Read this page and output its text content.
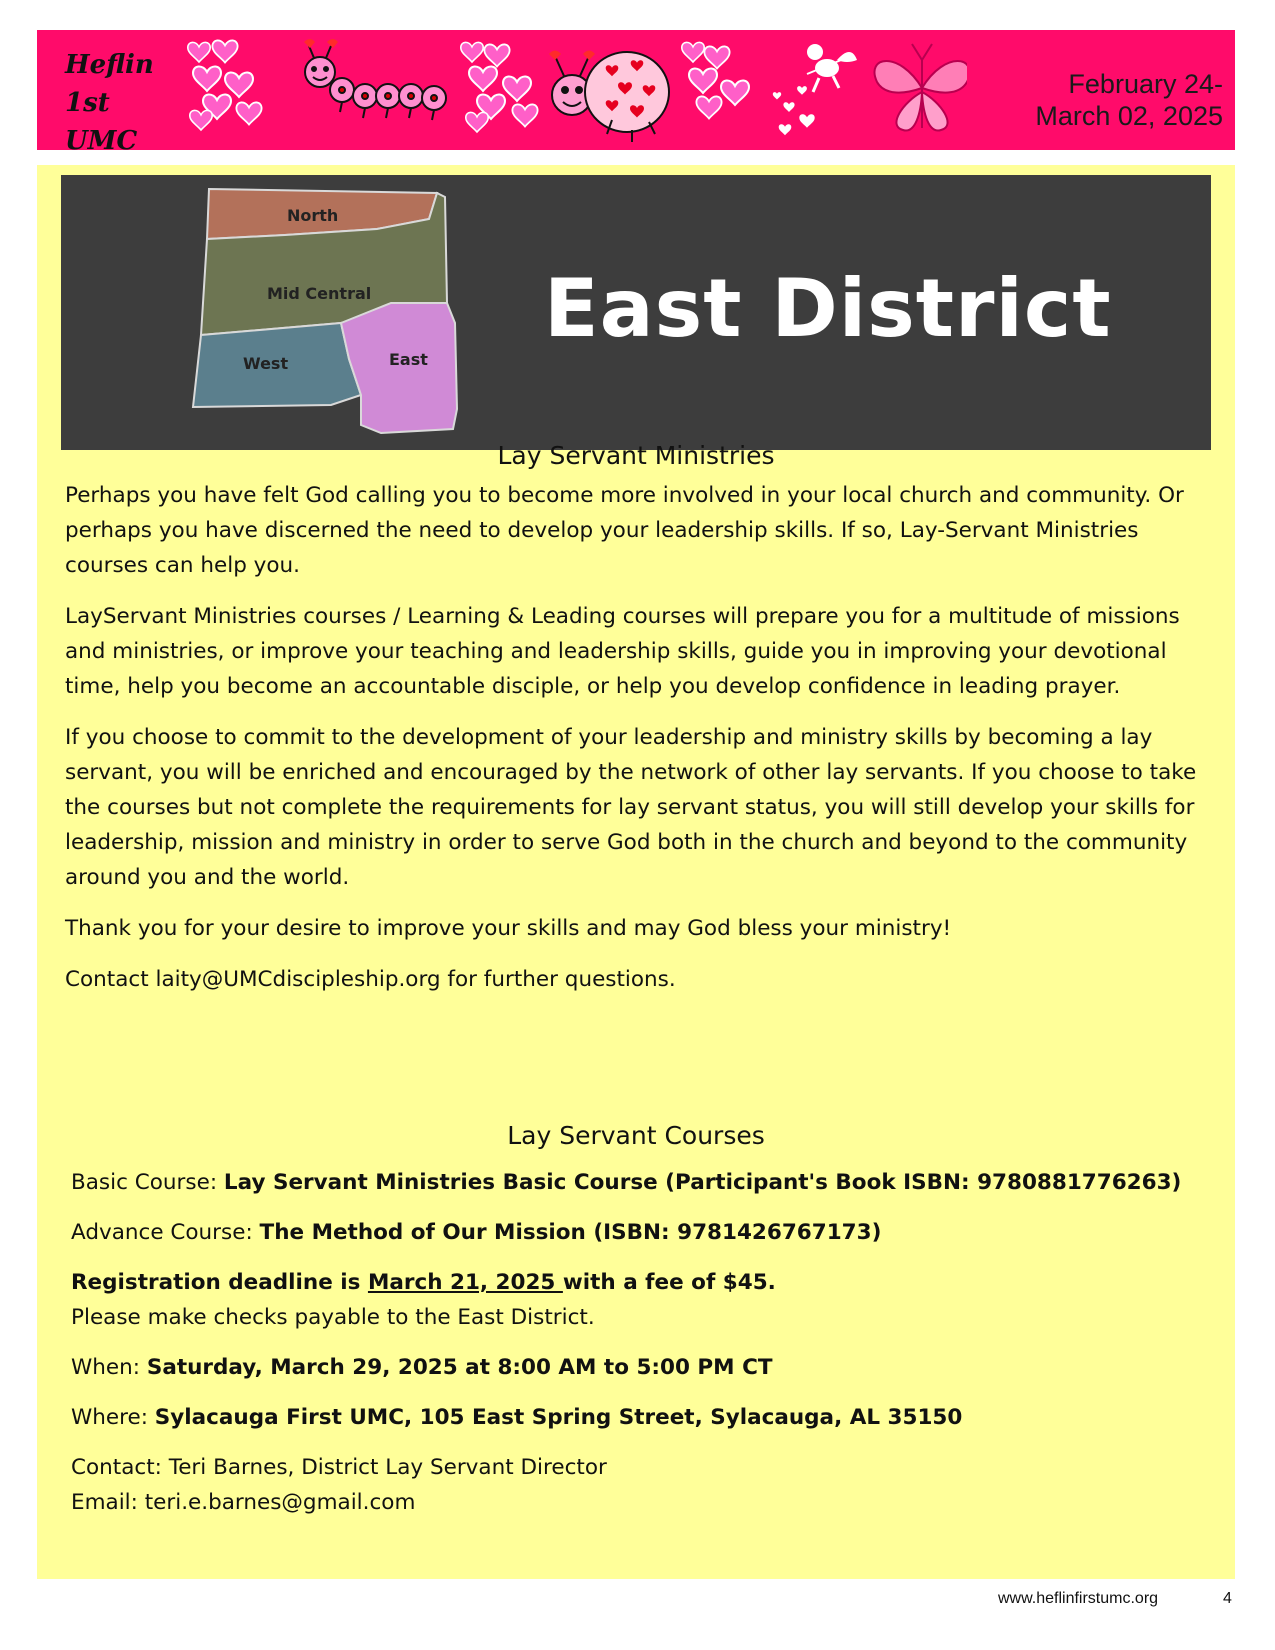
Heflin
1st UMC
February 24-
March 02, 2025
North
Mid Central
West	East
East District
Lay Servant Ministries

Perhaps you have felt God calling you to become more involved in your local church and community. Or perhaps you have discerned the need to develop your leadership skills. If so, Lay-Servant Ministries courses can help you.

LayServant Ministries courses / Learning & Leading courses will prepare you for a multitude of missions and ministries, or improve your teaching and leadership skills, guide you in improving your devotional time, help you become an accountable disciple, or help you develop confidence in leading prayer.

If you choose to commit to the development of your leadership and ministry skills by becoming a lay servant, you will be enriched and encouraged by the network of other lay servants. If you choose to take the courses but not complete the requirements for lay servant status, you will still develop your skills for leadership, mission and ministry in order to serve God both in the church and beyond to the community around you and the world.

Thank you for your desire to improve your skills and may God bless your ministry!

Contact laity@UMCdiscipleship.org for further questions.

Lay Servant Courses

Basic Course: Lay Servant Ministries Basic Course (Participant's Book ISBN: 9780881776263)

Advance Course: The Method of Our Mission (ISBN: 9781426767173)

Registration deadline is March 21, 2025 with a fee of $45.

Please make checks payable to the East District.

When: Saturday, March 29, 2025 at 8:00 AM to 5:00 PM CT

Where: Sylacauga First UMC, 105 East Spring Street, Sylacauga, AL 35150

Contact: Teri Barnes, District Lay Servant Director

Email: teri.e.barnes@gmail.com

www.heflinfirstumc.org	4
